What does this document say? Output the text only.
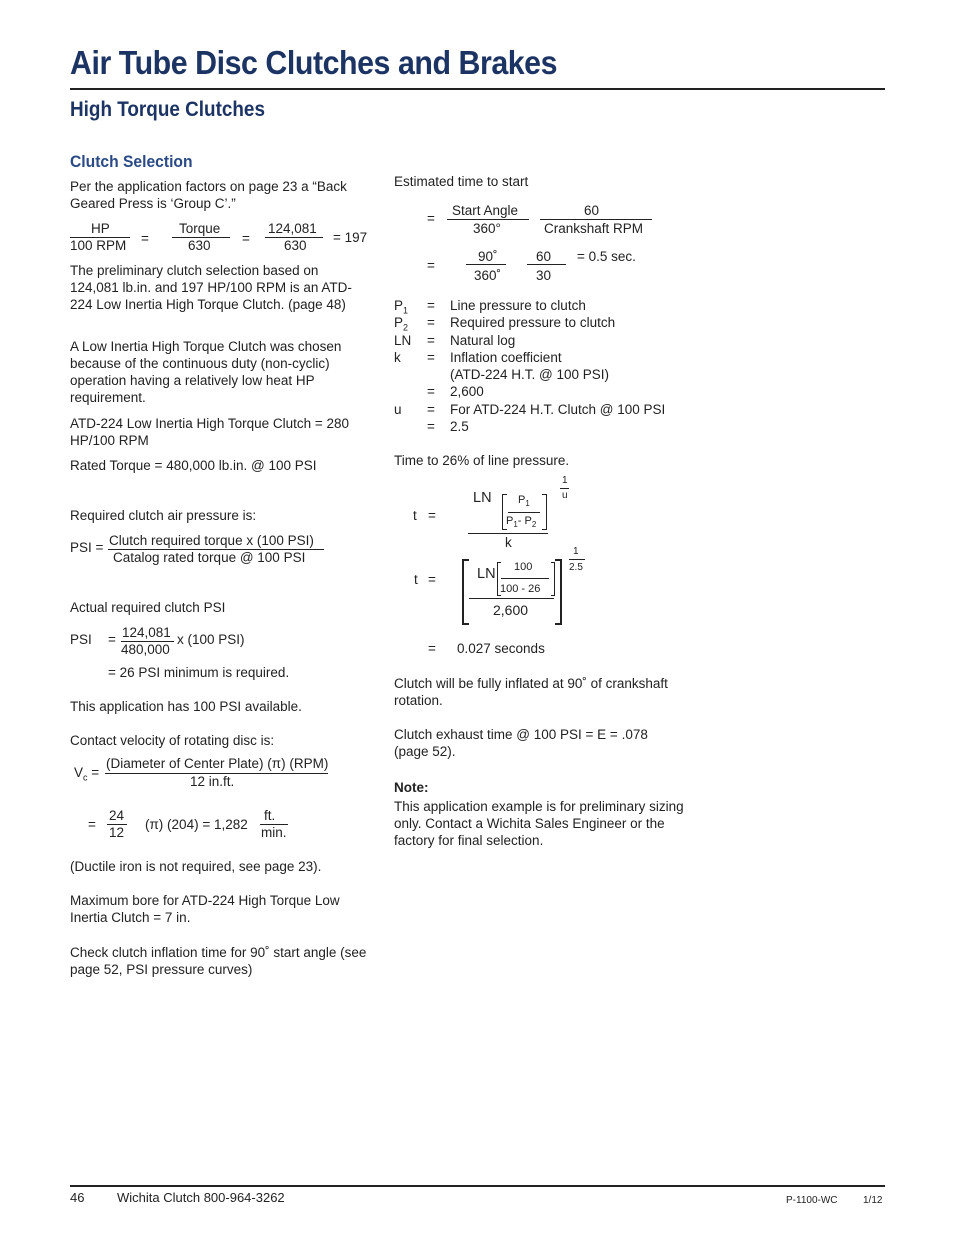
Air Tube Disc Clutches and Brakes
High Torque Clutches
Clutch Selection
Per the application factors on page 23 a “Back Geared Press is ‘Group C’.”
HP
100 RPM =
Torque
630 =
124,081
630
= 197
The preliminary clutch selection based on 124,081 lb.in. and 197 HP/100 RPM is an ATD-224 Low Inertia High Torque Clutch. (page 48)
A Low Inertia High Torque Clutch was chosen because of the continuous duty (non-cyclic) operation having a relatively low heat HP requirement.
ATD-224 Low Inertia High Torque Clutch = 280 HP/100 RPM
Rated Torque = 480,000 lb.in. @ 100 PSI
Required clutch air pressure is:
PSI = Clutch required torque x (100 PSI)
Catalog rated torque @ 100 PSI
Actual required clutch PSI
PSI = 124,081
480,000
x (100 PSI)
= 26 PSI minimum is required.
This application has 100 PSI available.
Contact velocity of rotating disc is:
$V_c$ =
(Diameter of Center Plate) (π) (RPM)
12 in.ft.
=
24
12
(π) (204) = 1,282
ft.
min.
(Ductile iron is not required, see page 23).
Maximum bore for ATD-224 High Torque Low Inertia Clutch = 7 in.
Check clutch inflation time for 90˚ start angle (see page 52, PSI pressure curves)
Estimated time to start
=
Start Angle
360°
60
Crankshaft RPM
=
90˚
360˚
60
30
= 0.5 sec.
$P_1$ = Line pressure to clutch
$P_2$ = Required pressure to clutch
LN = Natural log
k = Inflation coefficient
(ATD-224 H.T. @ 100 PSI)
= 2,600
u = For ATD-224 H.T. Clutch @ 100 PSI
= 2.5
Time to 26% of line pressure.
t =
LN $P_1$
$P_1-$ $P_2$
1
u
k
t =	LN 100
100 - 26
2,600
1
2.5
= 0.027 seconds
Clutch will be fully inflated at 90˚ of crankshaft rotation.
Clutch exhaust time @ 100 PSI = E = .078 (page 52).
Note:
This application example is for preliminary sizing only. Contact a Wichita Sales Engineer or the factory for final selection.
46	Wichita Clutch 800-964-3262	P-1100-WC	1/12
